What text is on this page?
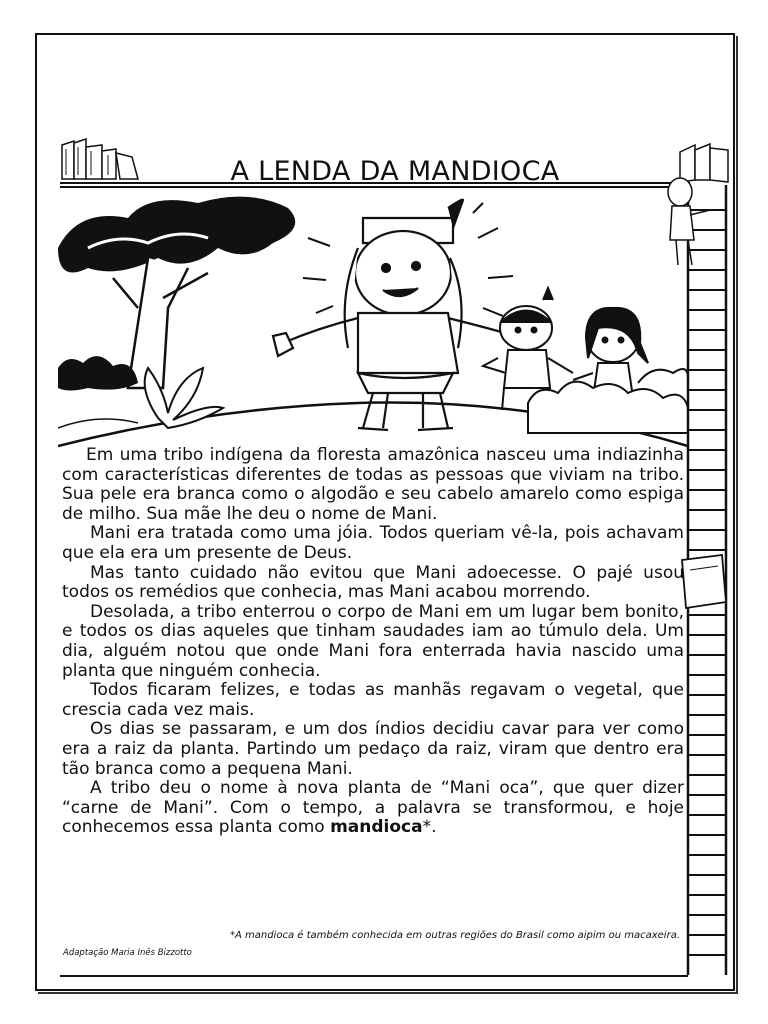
A LENDA DA MANDIOCA

Em uma tribo indígena da floresta amazônica nasceu uma indiazinha com características diferentes de todas as pessoas que viviam na tribo. Sua pele era branca como o algodão e seu cabelo amarelo como espiga de milho. Sua mãe lhe deu o nome de Mani.

Mani era tratada como uma jóia. Todos queriam vê-la, pois achavam que ela era um presente de Deus.

Mas tanto cuidado não evitou que Mani adoecesse. O pajé usou todos os remédios que conhecia, mas Mani acabou morrendo.

Desolada, a tribo enterrou o corpo de Mani em um lugar bem bonito, e todos os dias aqueles que tinham saudades iam ao túmulo dela. Um dia, alguém notou que onde Mani fora enterrada havia nascido uma planta que ninguém conhecia.

Todos ficaram felizes, e todas as manhãs regavam o vegetal, que crescia cada vez mais.

Os dias se passaram, e um dos índios decidiu cavar para ver como era a raiz da planta. Partindo um pedaço da raiz, viram que dentro era tão branca como a pequena Mani.

A tribo deu o nome à nova planta de “Mani oca”, que quer dizer “carne de Mani”. Com o tempo, a palavra se transformou, e hoje conhecemos essa planta como mandioca*.

*A mandioca é também conhecida em outras regiões do Brasil como aipim ou macaxeira.
Adaptação Maria Inês Bizzotto
